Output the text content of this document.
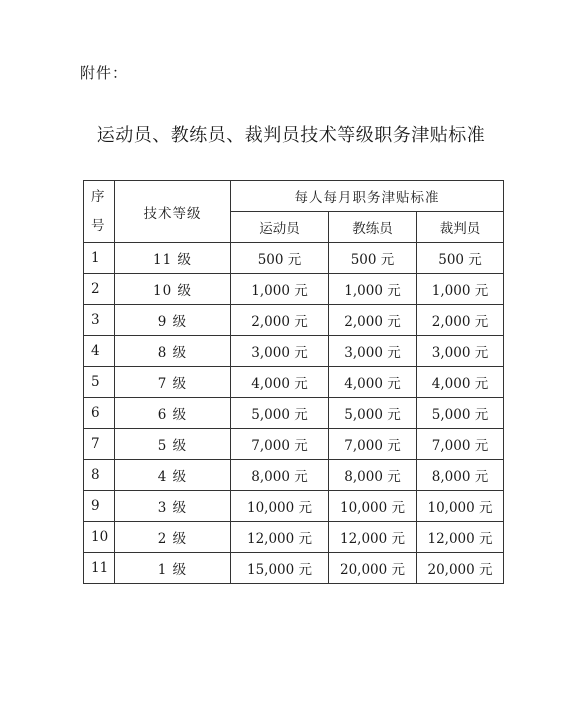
附件：
运动员、教练员、裁判员技术等级职务津贴标准
序
号	技术等级	每人每月职务津贴标准		
		运动员	教练员	裁判员
1	11 级	500 元	500 元	500 元
2	10 级	1,000 元	1,000 元	1,000 元
3	9 级	2,000 元	2,000 元	2,000 元
4	8 级	3,000 元	3,000 元	3,000 元
5	7 级	4,000 元	4,000 元	4,000 元
6	6 级	5,000 元	5,000 元	5,000 元
7	5 级	7,000 元	7,000 元	7,000 元
8	4 级	8,000 元	8,000 元	8,000 元
9	3 级	10,000 元	10,000 元	10,000 元
10	2 级	12,000 元	12,000 元	12,000 元
11	1 级	15,000 元	20,000 元	20,000 元
